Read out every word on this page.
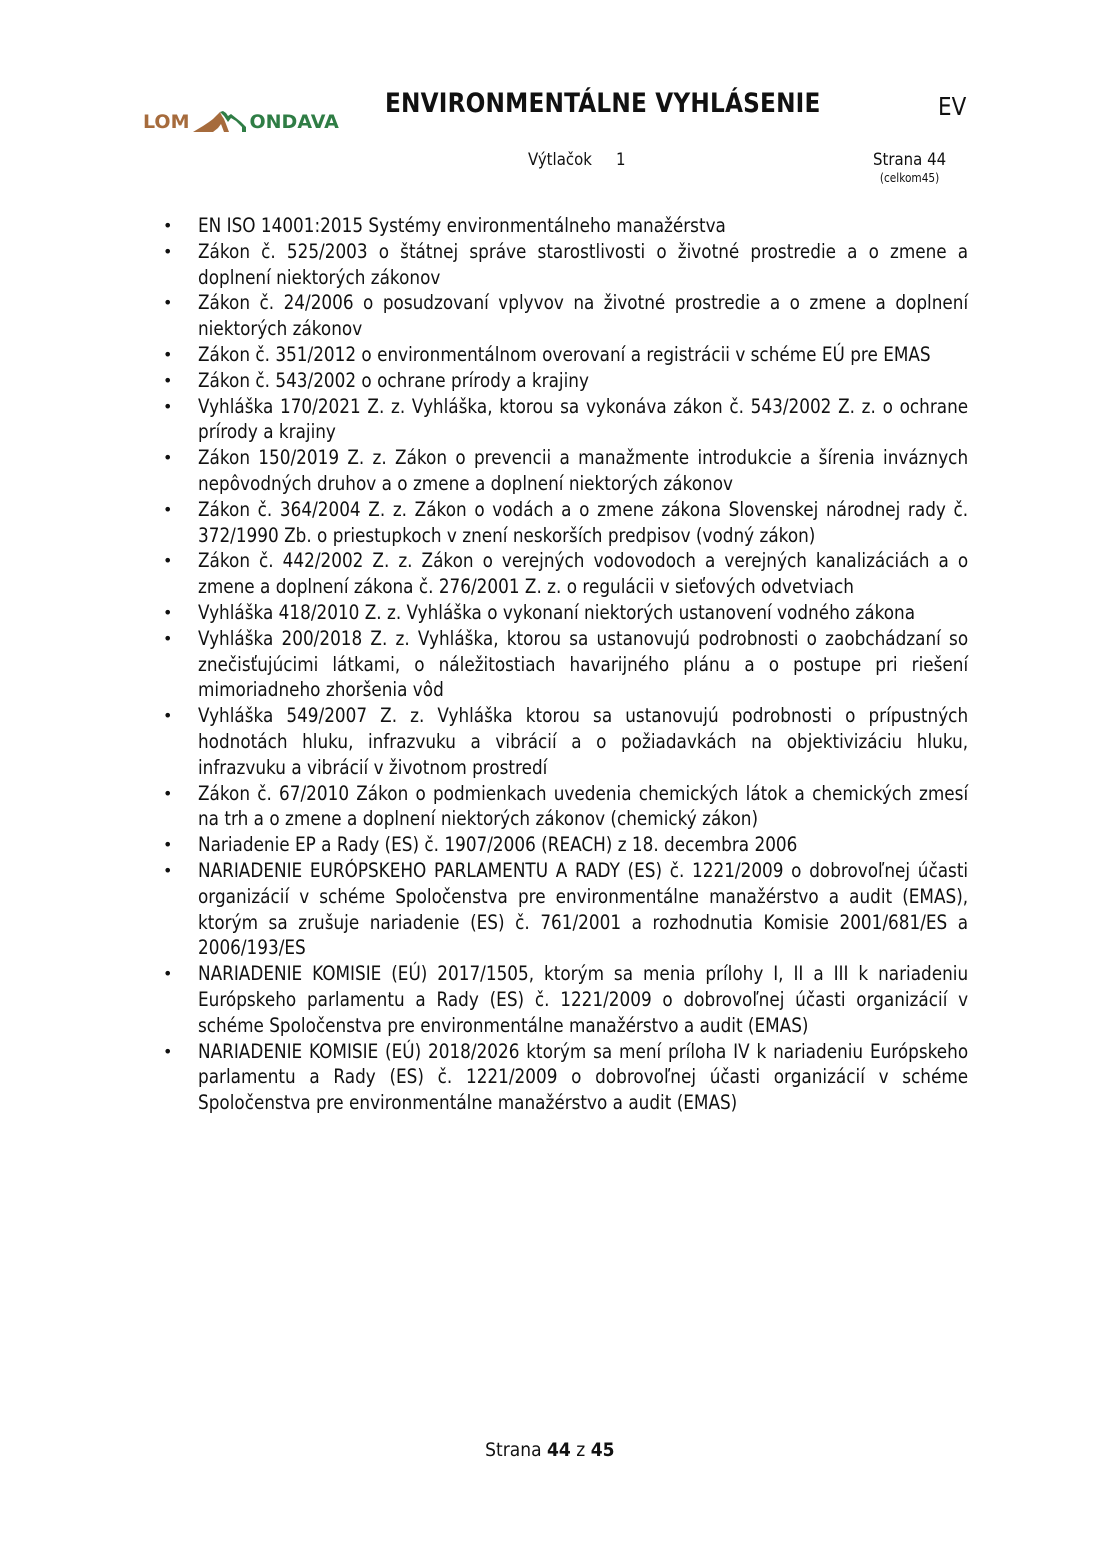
LOM	ONDAVA
ENVIRONMENTÁLNE VYHLÁSENIE	EV
Výtlačok 1	Strana 44
(celkom45)
• EN ISO 14001:2015 Systémy environmentálneho manažérstva
• Zákon č. 525/2003 o štátnej správe starostlivosti o životné prostredie a o zmene a doplnení niektorých zákonov
• Zákon č. 24/2006 o posudzovaní vplyvov na životné prostredie a o zmene a doplnení niektorých zákonov
• Zákon č. 351/2012 o environmentálnom overovaní a registrácii v schéme EÚ pre EMAS
• Zákon č. 543/2002 o ochrane prírody a krajiny
• Vyhláška 170/2021 Z. z. Vyhláška, ktorou sa vykonáva zákon č. 543/2002 Z. z. o ochrane prírody a krajiny
• Zákon 150/2019 Z. z. Zákon o prevencii a manažmente introdukcie a šírenia inváznych nepôvodných druhov a o zmene a doplnení niektorých zákonov
• Zákon č. 364/2004 Z. z. Zákon o vodách a o zmene zákona Slovenskej národnej rady č. 372/1990 Zb. o priestupkoch v znení neskorších predpisov (vodný zákon)
• Zákon č. 442/2002 Z. z. Zákon o verejných vodovodoch a verejných kanalizáciách a o zmene a doplnení zákona č. 276/2001 Z. z. o regulácii v sieťových odvetviach
• Vyhláška 418/2010 Z. z. Vyhláška o vykonaní niektorých ustanovení vodného zákona
• Vyhláška 200/2018 Z. z. Vyhláška, ktorou sa ustanovujú podrobnosti o zaobchádzaní so znečisťujúcimi látkami, o náležitostiach havarijného plánu a o postupe pri riešení mimoriadneho zhoršenia vôd
• Vyhláška 549/2007 Z. z. Vyhláška ktorou sa ustanovujú podrobnosti o prípustných hodnotách hluku, infrazvuku a vibrácií a o požiadavkách na objektivizáciu hluku, infrazvuku a vibrácií v životnom prostredí
• Zákon č. 67/2010 Zákon o podmienkach uvedenia chemických látok a chemických zmesí na trh a o zmene a doplnení niektorých zákonov (chemický zákon)
• Nariadenie EP a Rady (ES) č. 1907/2006 (REACH) z 18. decembra 2006
• NARIADENIE EURÓPSKEHO PARLAMENTU A RADY (ES) č. 1221/2009 o dobrovoľnej účasti organizácií v schéme Spoločenstva pre environmentálne manažérstvo a audit (EMAS), ktorým sa zrušuje nariadenie (ES) č. 761/2001 a rozhodnutia Komisie 2001/681/ES a 2006/193/ES
• NARIADENIE KOMISIE (EÚ) 2017/1505, ktorým sa menia prílohy I, II a III k nariadeniu Európskeho parlamentu a Rady (ES) č. 1221/2009 o dobrovoľnej účasti organizácií v schéme Spoločenstva pre environmentálne manažérstvo a audit (EMAS)
• NARIADENIE KOMISIE (EÚ) 2018/2026 ktorým sa mení príloha IV k nariadeniu Európskeho parlamentu a Rady (ES) č. 1221/2009 o dobrovoľnej účasti organizácií v schéme Spoločenstva pre environmentálne manažérstvo a audit (EMAS)
Strana 44 z 45
